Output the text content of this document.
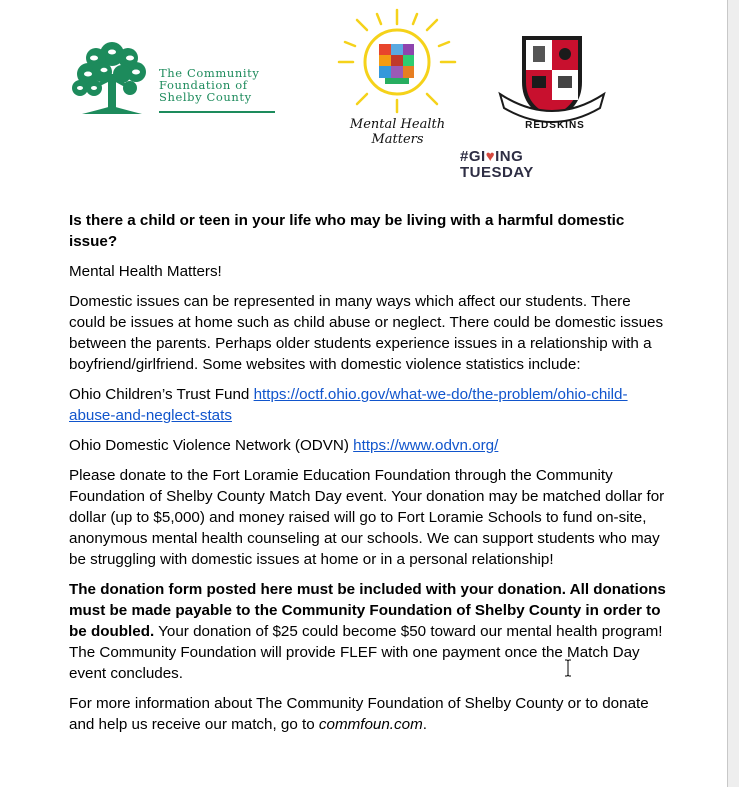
The Community
Foundation of
Shelby County
Mental Health Matters
REDSKINS
#GI♥ING
TUESDAY

Is there a child or teen in your life who may be living with a harmful domestic issue?

Mental Health Matters!

Domestic issues can be represented in many ways which affect our students. There could be issues at home such as child abuse or neglect. There could be domestic issues between the parents. Perhaps older students experience issues in a relationship with a boyfriend/girlfriend. Some websites with domestic violence statistics include:

Ohio Children’s Trust Fund https://octf.ohio.gov/what-we-do/the-problem/ohio-child-abuse-and-neglect-stats

Ohio Domestic Violence Network (ODVN) https://www.odvn.org/

Please donate to the Fort Loramie Education Foundation through the Community Foundation of Shelby County Match Day event. Your donation may be matched dollar for dollar (up to $5,000) and money raised will go to Fort Loramie Schools to fund on-site, anonymous mental health counseling at our schools. We can support students who may be struggling with domestic issues at home or in a personal relationship!

The donation form posted here must be included with your donation. All donations must be made payable to the Community Foundation of Shelby County in order to be doubled. Your donation of $25 could become $50 toward our mental health program! The Community Foundation will provide FLEF with one payment once the Match Day event concludes.

For more information about The Community Foundation of Shelby County or to donate and help us receive our match, go to commfoun.com.
